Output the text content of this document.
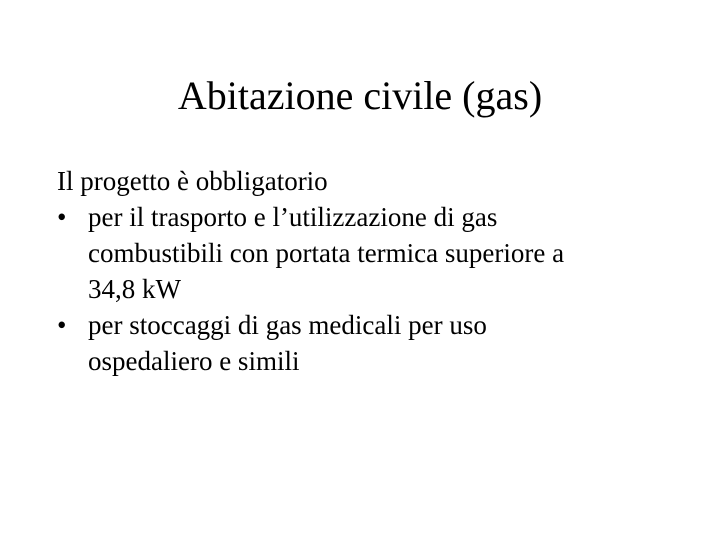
Abitazione civile (gas)

Il progetto è obbligatorio

• per il trasporto e l’utilizzazione di gas
combustibili con portata termica superiore a
34,8 kW
• per stoccaggi di gas medicali per uso
ospedaliero e simili
